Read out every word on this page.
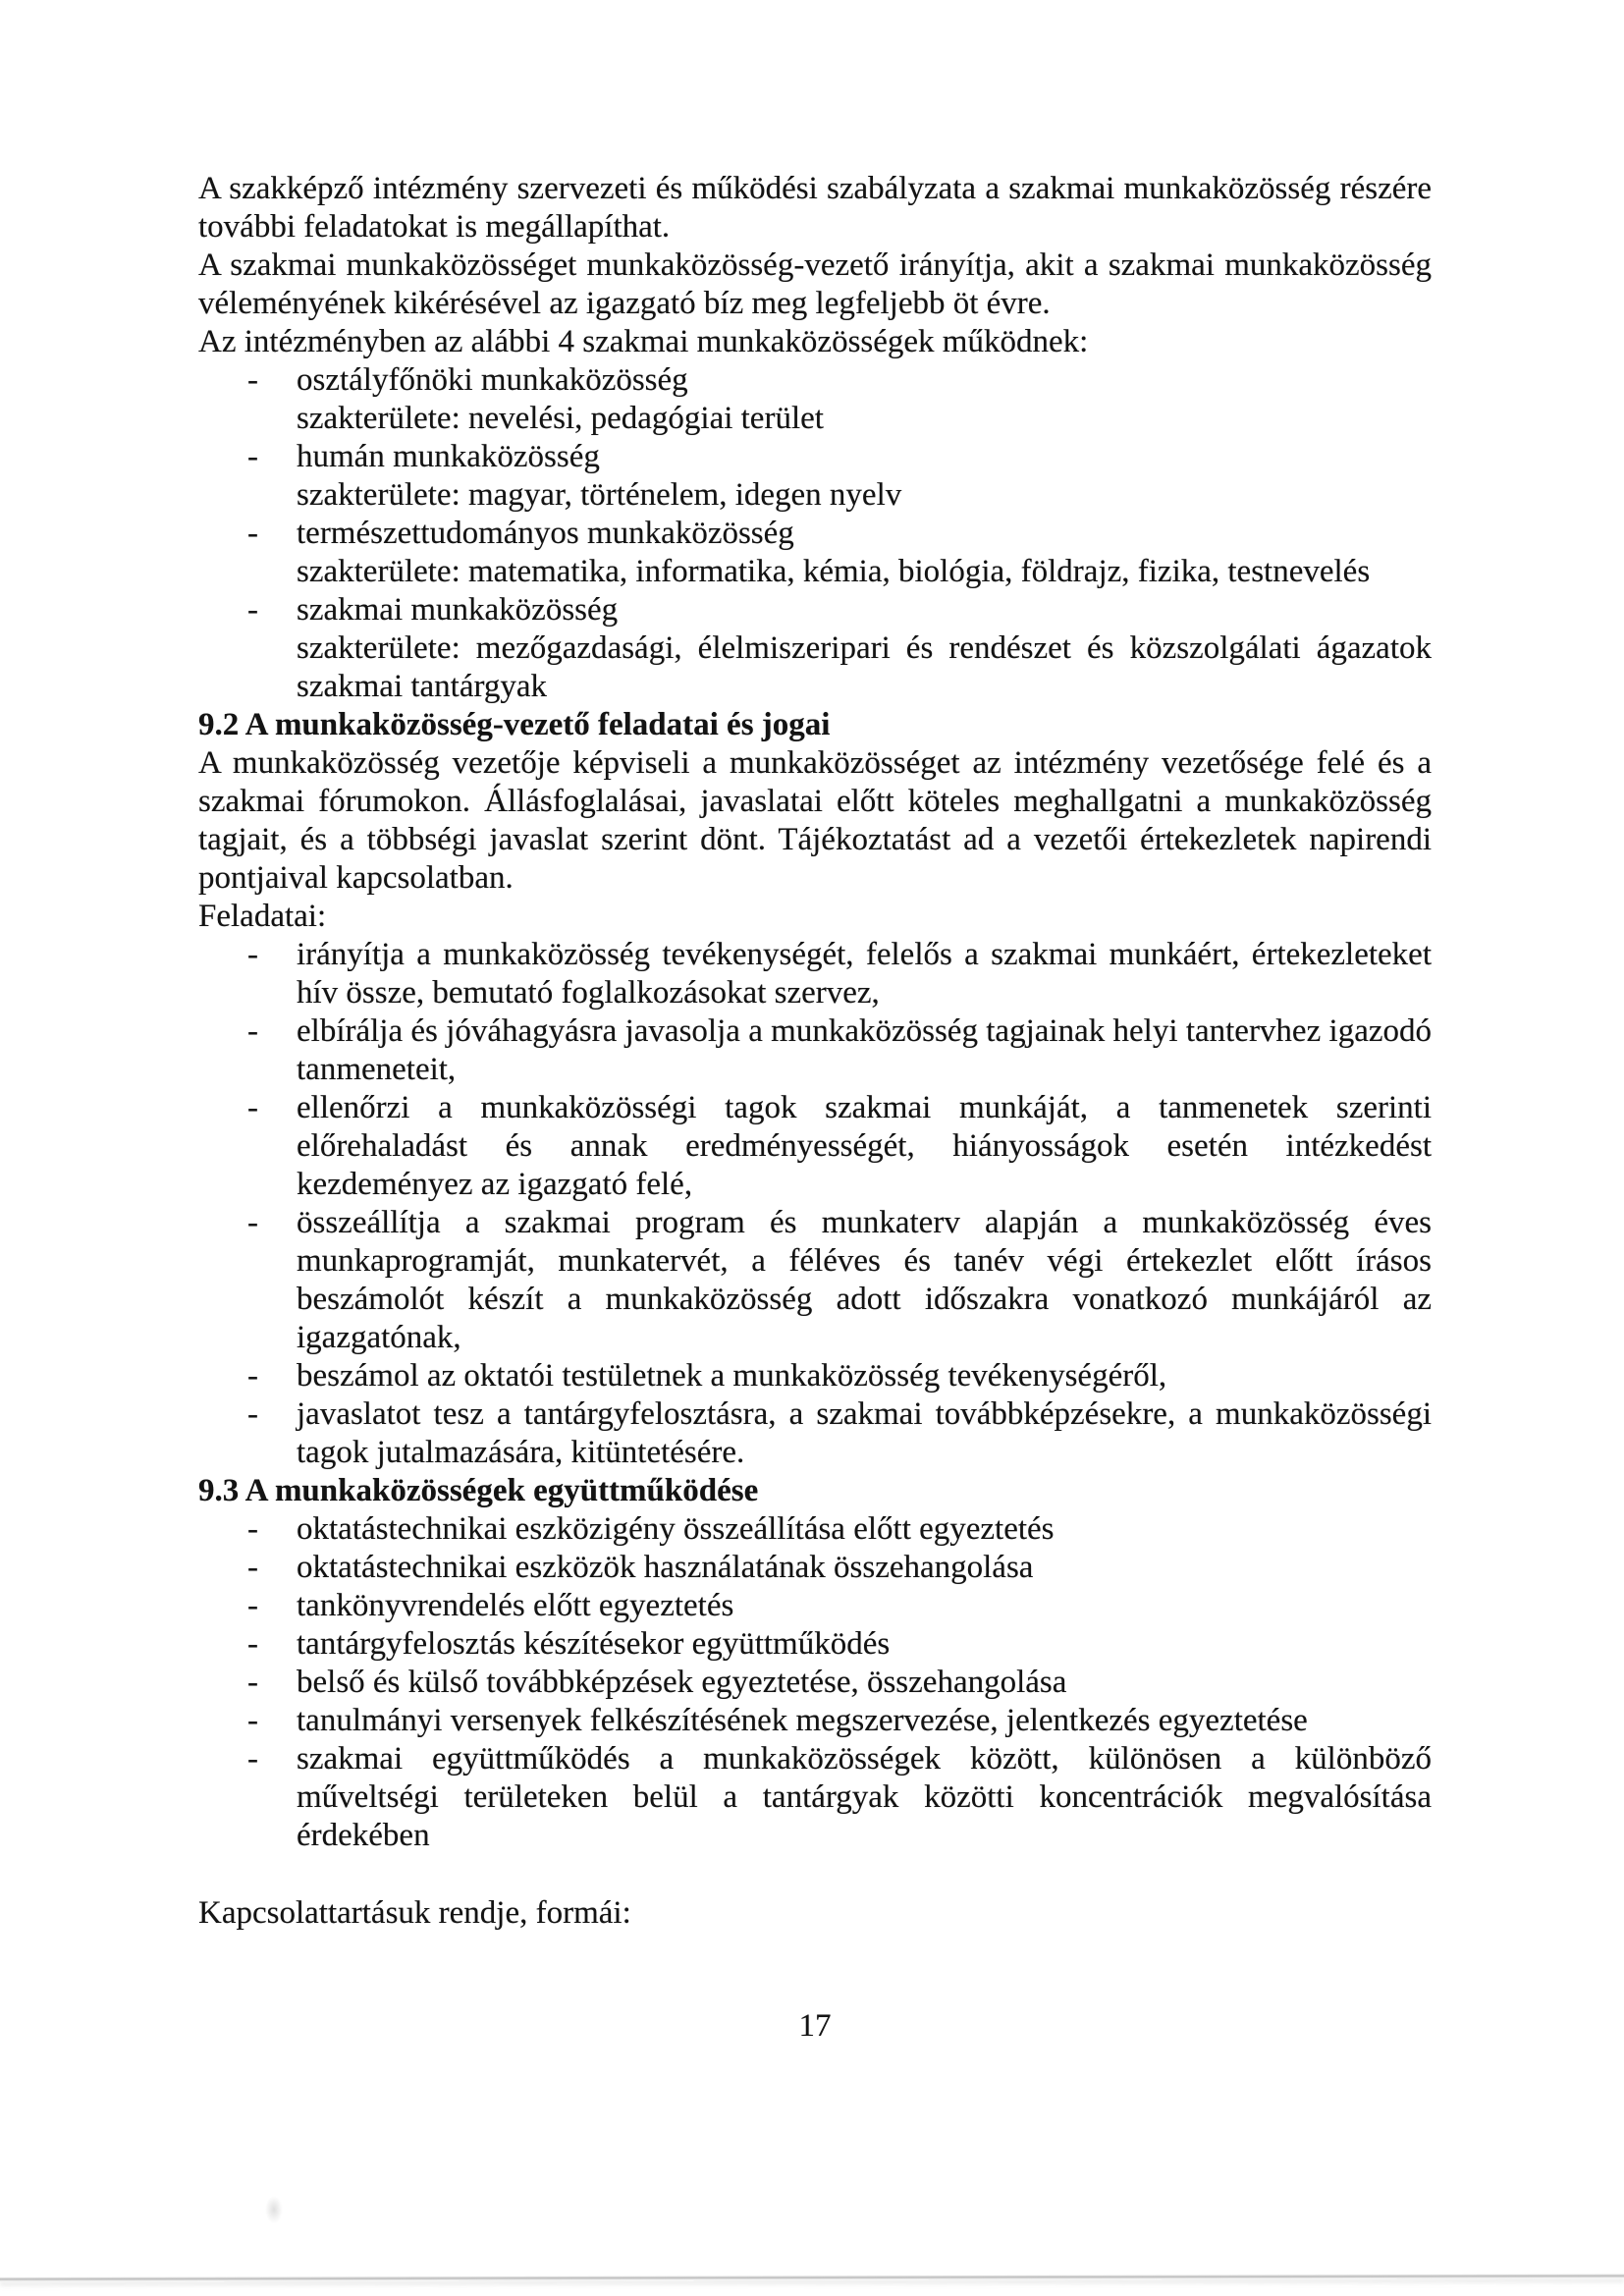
A szakképző intézmény szervezeti és működési szabályzata a szakmai munkaközösség részére további feladatokat is megállapíthat.

A szakmai munkaközösséget munkaközösség-vezető irányítja, akit a szakmai munkaközösség véleményének kikérésével az igazgató bíz meg legfeljebb öt évre.

Az intézményben az alábbi 4 szakmai munkaközösségek működnek:

- osztályfőnöki munkaközösség
szakterülete: nevelési, pedagógiai terület
- humán munkaközösség
szakterülete: magyar, történelem, idegen nyelv
- természettudományos munkaközösség
szakterülete: matematika, informatika, kémia, biológia, földrajz, fizika, testnevelés
- szakmai munkaközösség
szakterülete: mezőgazdasági, élelmiszeripari és rendészet és közszolgálati ágazatok szakmai tantárgyak
9.2 A munkaközösség-vezető feladatai és jogai

A munkaközösség vezetője képviseli a munkaközösséget az intézmény vezetősége felé és a szakmai fórumokon. Állásfoglalásai, javaslatai előtt köteles meghallgatni a munkaközösség tagjait, és a többségi javaslat szerint dönt. Tájékoztatást ad a vezetői értekezletek napirendi pontjaival kapcsolatban.

Feladatai:

- irányítja a munkaközösség tevékenységét, felelős a szakmai munkáért, értekezleteket hív össze, bemutató foglalkozásokat szervez,
- elbírálja és jóváhagyásra javasolja a munkaközösség tagjainak helyi tantervhez igazodó tanmeneteit,
- ellenőrzi a munkaközösségi tagok szakmai munkáját, a tanmenetek szerinti előrehaladást és annak eredményességét, hiányosságok esetén intézkedést kezdeményez az igazgató felé,
- összeállítja a szakmai program és munkaterv alapján a munkaközösség éves munkaprogramját, munkatervét, a féléves és tanév végi értekezlet előtt írásos beszámolót készít a munkaközösség adott időszakra vonatkozó munkájáról az igazgatónak,
- beszámol az oktatói testületnek a munkaközösség tevékenységéről,
- javaslatot tesz a tantárgyfelosztásra, a szakmai továbbképzésekre, a munkaközösségi tagok jutalmazására, kitüntetésére.
9.3 A munkaközösségek együttműködése
- oktatástechnikai eszközigény összeállítása előtt egyeztetés
- oktatástechnikai eszközök használatának összehangolása
- tankönyvrendelés előtt egyeztetés
- tantárgyfelosztás készítésekor együttműködés
- belső és külső továbbképzések egyeztetése, összehangolása
- tanulmányi versenyek felkészítésének megszervezése, jelentkezés egyeztetése
- szakmai együttműködés a munkaközösségek között, különösen a különböző műveltségi területeken belül a tantárgyak közötti koncentrációk megvalósítása érdekében

Kapcsolattartásuk rendje, formái:

17
